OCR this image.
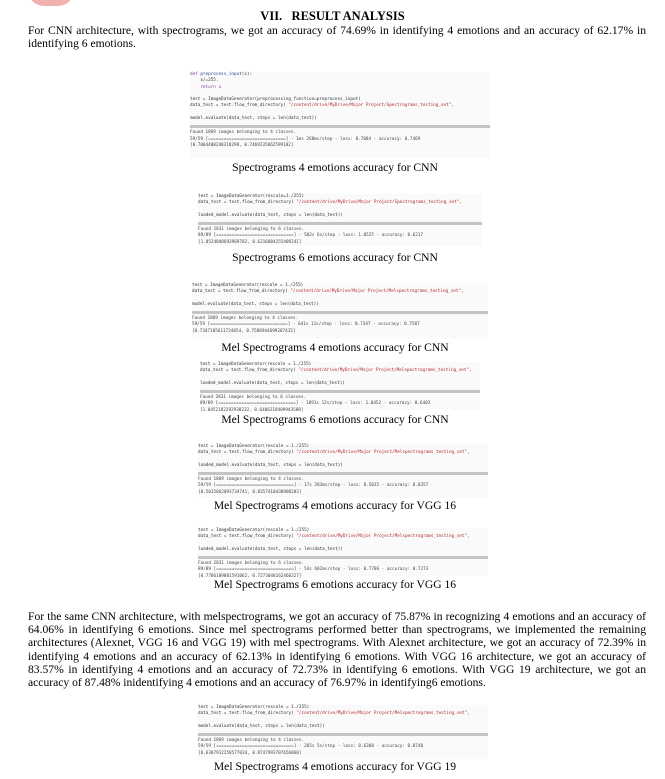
VII.   RESULT ANALYSIS
For CNN architecture, with spectrograms, we got an accuracy of 74.69% in identifying 4 emotions and an accuracy of 62.17% in identifying 6 emotions.
def preprocess_input(x):
x/=255.
return x

test = ImageDataGenerator(preprocessing_function=preprocess_input)
data_test = test.flow_from_directory( "/content/drive/MyDrive/Major Project/Spectrograms_testing_set",

model.evaluate(data_test, steps = len(data_test))

Found 1869 images belonging to 4 classes.
59/59 [==============================] - 1ms 268ms/step - loss: 0.7004 - accuracy: 0.7469
[0.7004408240318298, 0.7469235062599182]
Spectrograms 4 emotions accuracy for CNN
test = ImageDataGenerator(rescale=1./255)
data_test = test.flow_from_directory( "/content/drive/MyDrive/Major Project/Spectrograms_testing_set",

loaded_model.evaluate(data_test, steps = len(data_test))

Found 2831 images belonging to 6 classes.
89/89 [==============================] - 502s 6s/step - loss: 1.0525 - accuracy: 0.6217
[1.0524840693969782, 0.6216884255409241]
Spectrograms 6 emotions accuracy for CNN
test = ImageDataGenerator(rescale = 1./255)
data_test = test.flow_from_directory( "/content/drive/MyDrive/Major Project/Melspectrograms_testing_set",

model.evaluate(data_test, steps = len(data_test))

Found 1869 images belonging to 4 classes.
59/59 [==============================] - 641s 11s/step - loss: 0.7347 - accuracy: 0.7587
[0.7347185611724854, 0.7586944699287415]
Mel Spectrograms 4 emotions accuracy for CNN
test = ImageDataGenerator(rescale = 1./255)
data_test = test.flow_from_directory( "/content/drive/MyDrive/Major Project/Melspectrograms_testing_set",

loaded_model.evaluate(data_test, steps = len(data_test))

Found 2831 images belonging to 6 classes.
89/89 [==============================] - 1091s 12s/step - loss: 1.0452 - accuracy: 0.6403
[1.0452182292938232, 0.6406218409943588]
Mel Spectrograms 6 emotions accuracy for CNN
test = ImageDataGenerator(rescale = 1./255)
data_test = test.flow_from_directory( "/content/drive/MyDrive/Major Project/Melspectrograms_testing_set",

loaded_model.evaluate(data_test, steps = len(data_test))

Found 1869 images belonging to 4 classes.
59/59 [==============================] - 17s 283ms/step - loss: 0.5015 - accuracy: 0.8357
[0.5015062093734741, 0.8357410430908203]
Mel Spectrograms 4 emotions accuracy for VGG 16
test = ImageDataGenerator(rescale = 1./255)
data_test = test.flow_from_directory( "/content/drive/MyDrive/Major Project/Melspectrograms_testing_set",

loaded_model.evaluate(data_test, steps = len(data_test))

Found 2831 images belonging to 6 classes.
89/89 [==============================] - 54s 602ms/step - loss: 0.7706 - accuracy: 0.7273
[0.7706109881591062, 0.7273048162460327]
Mel Spectrograms 6 emotions accuracy for VGG 16
For the same CNN architecture, with melspectrograms, we got an accuracy of 75.87% in recognizing 4 emotions and an accuracy of 64.06% in identifying 6 emotions. Since mel spectrograms performed better than spectrograms, we implemented the remaining architectures (Alexnet, VGG 16 and VGG 19) with mel spectrograms. With Alexnet architecture, we got an accuracy of 72.39% in identifying 4 emotions and an accuracy of 62.13% in identifying 6 emotions. With VGG 16 architecture, we got an accuracy of 83.57% in identifying 4 emotions and an accuracy of 72.73% in identifying 6 emotions. With VGG 19 architecture, we got an accuracy of 87.48% inidentifying 4 emotions and an accuracy of 76.97% in identifying6 emotions.
test = ImageDataGenerator(rescale = 1./255)
data_test = test.flow_from_directory( "/content/drive/MyDrive/Major Project/Melspectrograms_testing_set",

model.evaluate(data_test, steps = len(data_test))

Found 1869 images belonging to 4 classes.
59/59 [==============================] - 265s 5s/step - loss: 0.6308 - accuracy: 0.8748
[0.6307912258577034, 0.8747993707656860]
Mel Spectrograms 4 emotions accuracy for VGG 19
